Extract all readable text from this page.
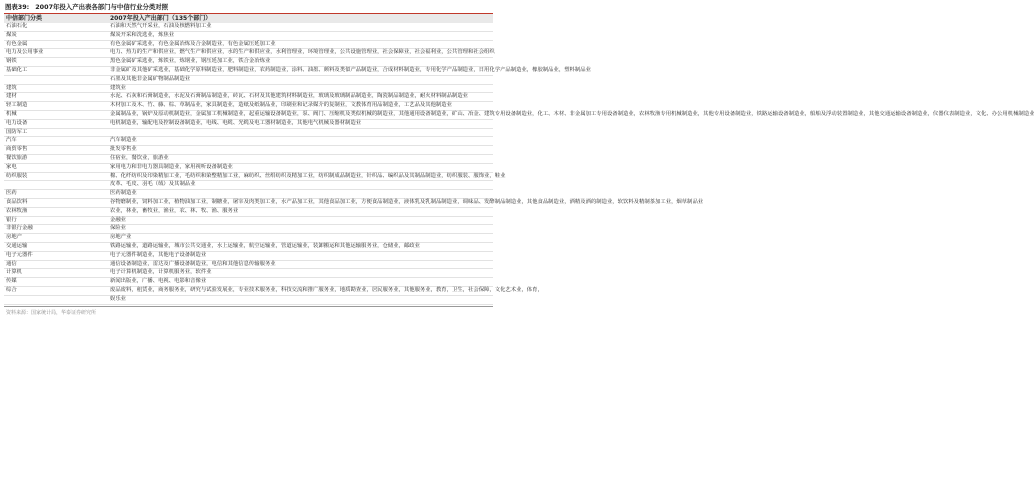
图表39: 2007年投入产出表各部门与中信行业分类对照
中信部门分类	2007年投入产出部门（135个部门）
石油石化	石油和天然气开采业，石油及核燃料加工业
煤炭	煤炭开采和洗选业，炼焦业
有色金属	有色金属矿采选业，有色金属冶炼及合金制造业，有色金属压延加工业
电力及公用事业	电力、热力的生产和供应业，燃气生产和供应业，水的生产和供应业，水利管理业，环境管理业，公共设施管理业，社会保障业，社会福利业，公共管理和社会组织
钢铁	黑色金属矿采选业，炼铁业，炼钢业，钢压延加工业，铁合金冶炼业
基础化工	非金属矿及其他矿采选业，基础化学原料制造业，肥料制造业，农药制造业，涂料、油墨、颜料及类似产品制造业，合成材料制造业，专用化学产品制造业，日用化学产品制造业，橡胶制品业，塑料制品业
	石墨及其他非金属矿物制品制造业
建筑	建筑业
建材	水泥、石灰和石膏制造业，水泥及石膏制品制造业，砖瓦、石材及其他建筑材料制造业，玻璃及玻璃制品制造业，陶瓷制品制造业，耐火材料制品制造业
轻工制造	木材加工及木、竹、藤、棕、草制品业，家具制造业，造纸及纸制品业，印刷业和记录媒介的复制业，文教体育用品制造业，工艺品及其他制造业
机械	金属制品业，锅炉及原动机制造业，金属加工机械制造业，起重运输设备制造业，泵、阀门、压缩机及类似机械的制造业，其他通用设备制造业，矿山、冶金、建筑专用设备制造业，化工、木材、非金属加工专用设备制造业，农林牧渔专用机械制造业，其他专用设备制造业，铁路运输设备制造业，船舶及浮动装置制造业，其他交通运输设备制造业，仪器仪表制造业，文化、办公用机械制造业
电力设备	电机制造业，输配电及控制设备制造业，电线、电缆、光缆及电工器材制造业，其他电气机械及器材制造业
国防军工	
汽车	汽车制造业
商贸零售	批发零售业
餐饮旅游	住宿业，餐饮业，旅游业
家电	家用电力和非电力器具制造业，家用视听设备制造业
纺织服装	棉、化纤纺织及印染精加工业，毛纺织和染整精加工业，麻纺织、丝绢纺织及精加工业，纺织制成品制造业，针织品、编织品及其制品制造业，纺织服装、服饰业，鞋业
	皮革、毛皮、羽毛（绒）及其制品业
医药	医药制造业
食品饮料	谷物磨制业，饲料加工业，植物油加工业，制糖业，屠宰及肉类加工业，水产品加工业，其他食品加工业，方便食品制造业，液体乳及乳制品制造业，调味品、发酵制品制造业，其他食品制造业，酒精及酒的制造业，软饮料及精制茶加工业，烟草制品业
农林牧渔	农业，林业，畜牧业，渔业，农、林、牧、渔、服务业
银行	金融业
非银行金融	保险业
房地产	房地产业
交通运输	铁路运输业，道路运输业，城市公共交通业，水上运输业，航空运输业，管道运输业，装卸搬运和其他运输服务业，仓储业，邮政业
电子元器件	电子元器件制造业，其他电子设备制造业
通信	通信设备制造业，雷达及广播设备制造业，电信和其他信息传输服务业
计算机	电子计算机制造业，计算机服务业，软件业
传媒	新闻出版业，广播、电视、电影和音像业
综合	废品废料，租赁业，商务服务业，研究与试验发展业，专业技术服务业，科技交流和推广服务业，地质勘查业，居民服务业，其他服务业，教育，卫生，社会保障，文化艺术业，体育，
	娱乐业
资料来源：国家统计局，华泰证券研究所
